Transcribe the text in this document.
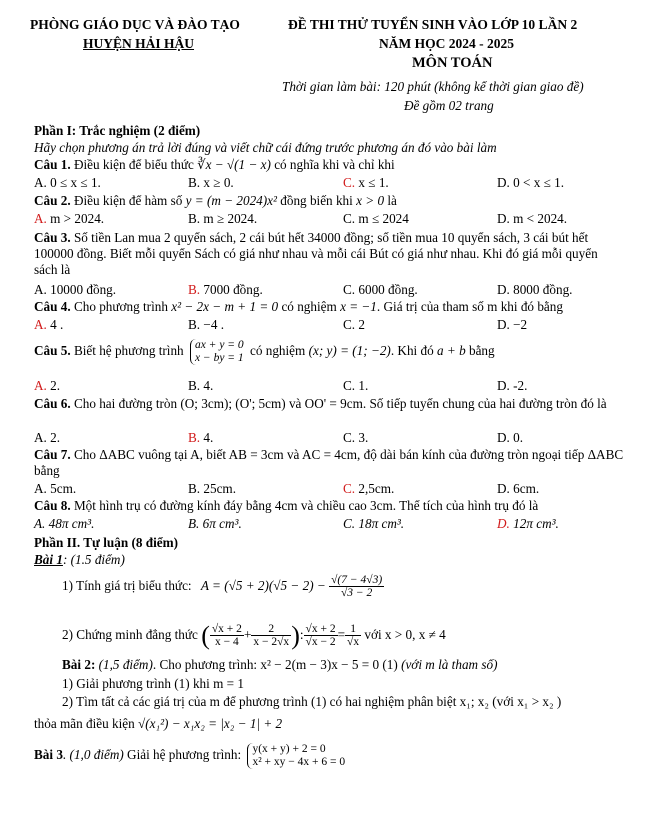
PHÒNG GIÁO DỤC VÀ ĐÀO TẠO
HUYỆN HẢI HẬU
ĐỀ THI THỬ TUYỂN SINH VÀO LỚP 10 LẦN 2
NĂM HỌC 2024 - 2025
MÔN TOÁN
Thời gian làm bài: 120 phút (không kể thời gian giao đề)
Đề gồm 02 trang
Phần I: Trắc nghiệm (2 điểm)
Hãy chọn phương án trả lời đúng và viết chữ cái đứng trước phương án đó vào bài làm
Câu 1. Điều kiện để biểu thức ∛x − √(1 − x) có nghĩa khi và chỉ khi
A. 0 ≤ x ≤ 1.	B. x ≥ 0.	C. x ≤ 1.	D. 0 < x ≤ 1.
Câu 2. Điều kiện để hàm số y = (m − 2024)x² đồng biến khi x > 0 là
A. m > 2024.	B. m ≥ 2024.	C. m ≤ 2024	D. m < 2024.
Câu 3. Số tiền Lan mua 2 quyển sách, 2 cái bút hết 34000 đồng; số tiền mua 10 quyển sách, 3 cái bút hết 100000 đồng. Biết mỗi quyển Sách có giá như nhau và mỗi cái Bút có giá như nhau. Khi đó giá mỗi quyển sách là
A. 10000 đồng.	B. 7000 đồng.	C. 6000 đồng.	D. 8000 đồng.
Câu 4. Cho phương trình x² − 2x − m + 1 = 0 có nghiệm x = −1. Giá trị của tham số m khi đó bằng
A. 4 .	B. −4 .	C. 2	D. −2
Câu 5. Biết hệ phương trình ax + y = 0
x − by = 1 có nghiệm (x; y) = (1; −2). Khi đó a + b bằng
A. 2.	B. 4.	C. 1.	D. -2.
Câu 6. Cho hai đường tròn (O; 3cm); (O'; 5cm) và OO' = 9cm. Số tiếp tuyến chung của hai đường tròn đó là
A. 2.	B. 4.	C. 3.	D. 0.
Câu 7. Cho ΔABC vuông tại A, biết AB = 3cm và AC = 4cm, độ dài bán kính của đường tròn ngoại tiếp ΔABC bằng
A. 5cm.	B. 25cm.	C. 2,5cm.	D. 6cm.
Câu 8. Một hình trụ có đường kính đáy bằng 4cm và chiều cao 3cm. Thể tích của hình trụ đó là
A. 48π cm³.	B. 6π cm³.	C. 18π cm³.	D. 12π cm³.
Phần II. Tự luận (8 điểm)
Bài 1: (1.5 điểm)
1) Tính giá trị biểu thức: $A = (√5 + 2)(√5 - 2) - \frac{√(7 - 4√3)}{√3 - 2}$
2) Chứng minh đẳng thức ( $\frac{√x + 2}{x - 4} + \frac{2}{x - 2√x}$ ): $\frac{√x + 2}{√x - 2} = \frac{1}{√x}$ với x > 0, x ≠ 4
Bài 2: (1,5 điểm). Cho phương trình: x² − 2(m − 3)x − 5 = 0 (1) (với m là tham số)
1) Giải phương trình (1) khi m = 1
2) Tìm tất cả các giá trị của m để phương trình (1) có hai nghiệm phân biệt x₁; x₂ (với x₁ > x₂ )
thỏa mãn điều kiện √(x₁²) − x₁x₂ = |x₂ − 1| + 2
Bài 3. (1,0 điểm) Giải hệ phương trình: y(x + y) + 2 = 0
x² + xy − 4x + 6 = 0
